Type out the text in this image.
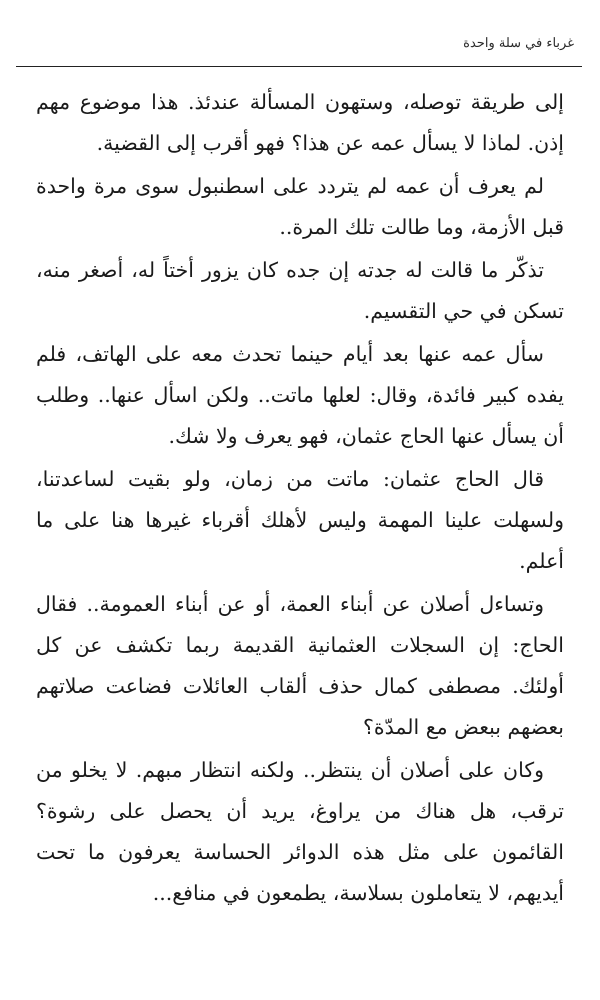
غرباء في سلة واحدة

إلى طريقة توصله، وستهون المسألة عندئذ. هذا موضوع مهم إذن. لماذا لا يسأل عمه عن هذا؟ فهو أقرب إلى القضية.

لم يعرف أن عمه لم يتردد على اسطنبول سوى مرة واحدة قبل الأزمة، وما طالت تلك المرة..

تذكّر ما قالت له جدته إن جده كان يزور أختاً له، أصغر منه، تسكن في حي التقسيم.

سأل عمه عنها بعد أيام حينما تحدث معه على الهاتف، فلم يفده كبير فائدة، وقال: لعلها ماتت.. ولكن اسأل عنها.. وطلب أن يسأل عنها الحاج عثمان، فهو يعرف ولا شك.

قال الحاج عثمان: ماتت من زمان، ولو بقيت لساعدتنا، ولسهلت علينا المهمة وليس لأهلك أقرباء غيرها هنا على ما أعلم.

وتساءل أصلان عن أبناء العمة، أو عن أبناء العمومة.. فقال الحاج: إن السجلات العثمانية القديمة ربما تكشف عن كل أولئك. مصطفى كمال حذف ألقاب العائلات فضاعت صلاتهم بعضهم ببعض مع المدّة؟

وكان على أصلان أن ينتظر.. ولكنه انتظار مبهم. لا يخلو من ترقب، هل هناك من يراوغ، يريد أن يحصل على رشوة؟ القائمون على مثل هذه الدوائر الحساسة يعرفون ما تحت أيديهم، لا يتعاملون بسلاسة، يطمعون في منافع...
